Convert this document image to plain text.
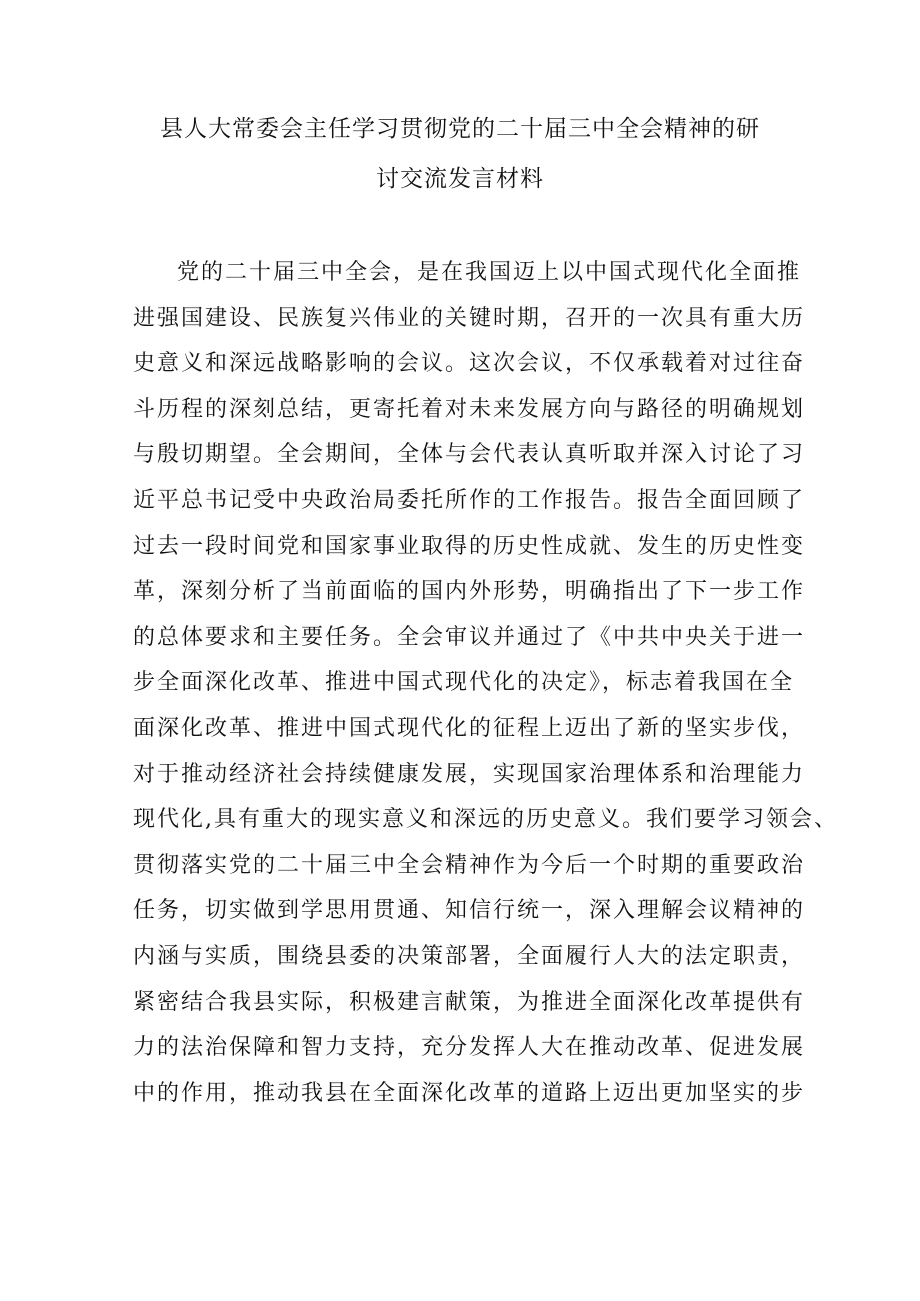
县人大常委会主任学习贯彻党的二十届三中全会精神的研
讨交流发言材料
党的二十届三中全会，是在我国迈上以中国式现代化全面推
进强国建设、民族复兴伟业的关键时期，召开的一次具有重大历
史意义和深远战略影响的会议。这次会议，不仅承载着对过往奋
斗历程的深刻总结，更寄托着对未来发展方向与路径的明确规划
与殷切期望。全会期间，全体与会代表认真听取并深入讨论了习
近平总书记受中央政治局委托所作的工作报告。报告全面回顾了
过去一段时间党和国家事业取得的历史性成就、发生的历史性变
革，深刻分析了当前面临的国内外形势，明确指出了下一步工作
的总体要求和主要任务。全会审议并通过了《中共中央关于进一
步全面深化改革、推进中国式现代化的决定》，标志着我国在全
面深化改革、推进中国式现代化的征程上迈出了新的坚实步伐，
对于推动经济社会持续健康发展，实现国家治理体系和治理能力
现代化,具有重大的现实意义和深远的历史意义。我们要学习领会、
贯彻落实党的二十届三中全会精神作为今后一个时期的重要政治
任务，切实做到学思用贯通、知信行统一，深入理解会议精神的
内涵与实质，围绕县委的决策部署，全面履行人大的法定职责，
紧密结合我县实际，积极建言献策，为推进全面深化改革提供有
力的法治保障和智力支持，充分发挥人大在推动改革、促进发展
中的作用，推动我县在全面深化改革的道路上迈出更加坚实的步
